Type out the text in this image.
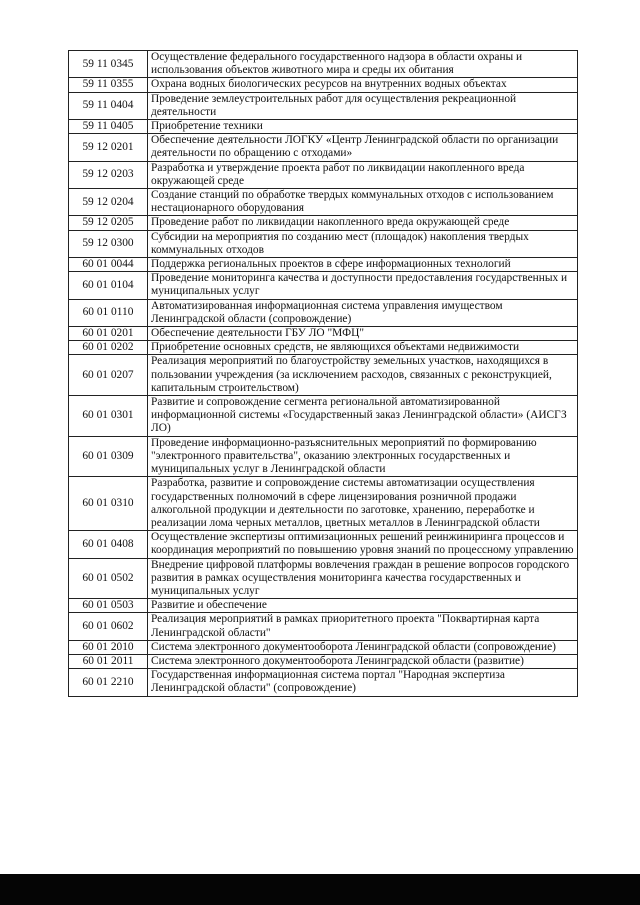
59 11 0345	Осуществление федерального государственного надзора в области охраны и использования объектов животного мира и среды их обитания
59 11 0355	Охрана водных биологических ресурсов на внутренних водных объектах
59 11 0404	Проведение землеустроительных работ для осуществления рекреационной деятельности
59 11 0405	Приобретение техники
59 12 0201	Обеспечение деятельности ЛОГКУ «Центр Ленинградской области по организации деятельности по обращению с отходами»
59 12 0203	Разработка и утверждение проекта работ по ликвидации накопленного вреда окружающей среде
59 12 0204	Создание станций по обработке твердых коммунальных отходов с использованием нестационарного оборудования
59 12 0205	Проведение работ по ликвидации накопленного вреда окружающей среде
59 12 0300	Субсидии на мероприятия по созданию мест (площадок) накопления твердых коммунальных отходов
60 01 0044	Поддержка региональных проектов в сфере информационных технологий
60 01 0104	Проведение мониторинга качества и доступности предоставления государственных и муниципальных услуг
60 01 0110	Автоматизированная информационная система управления имуществом Ленинградской области (сопровождение)
60 01 0201	Обеспечение деятельности ГБУ ЛО "МФЦ"
60 01 0202	Приобретение основных средств, не являющихся объектами недвижимости
60 01 0207	Реализация мероприятий по благоустройству земельных участков, находящихся в пользовании учреждения (за исключением расходов, связанных с реконструкцией, капитальным строительством)
60 01 0301	Развитие и сопровождение сегмента региональной автоматизированной информационной системы «Государственный заказ Ленинградской области» (АИСГЗ ЛО)
60 01 0309	Проведение информационно-разъяснительных мероприятий по формированию "электронного правительства", оказанию электронных государственных и муниципальных услуг в Ленинградской области
60 01 0310	Разработка, развитие и сопровождение системы автоматизации осуществления государственных полномочий в сфере лицензирования розничной продажи алкогольной продукции и деятельности по заготовке, хранению, переработке и реализации лома черных металлов, цветных металлов в Ленинградской области
60 01 0408	Осуществление экспертизы оптимизационных решений реинжиниринга процессов и координация мероприятий по повышению уровня знаний по процессному управлению
60 01 0502	Внедрение цифровой платформы вовлечения граждан в решение вопросов городского развития в рамках осуществления мониторинга качества государственных и муниципальных услуг
60 01 0503	Развитие и обеспечение
60 01 0602	Реализация мероприятий в рамках приоритетного проекта "Поквартирная карта Ленинградской области"
60 01 2010	Система электронного документооборота Ленинградской области (сопровождение)
60 01 2011	Система электронного документооборота Ленинградской области (развитие)
60 01 2210	Государственная информационная система портал "Народная экспертиза Ленинградской области" (сопровождение)
